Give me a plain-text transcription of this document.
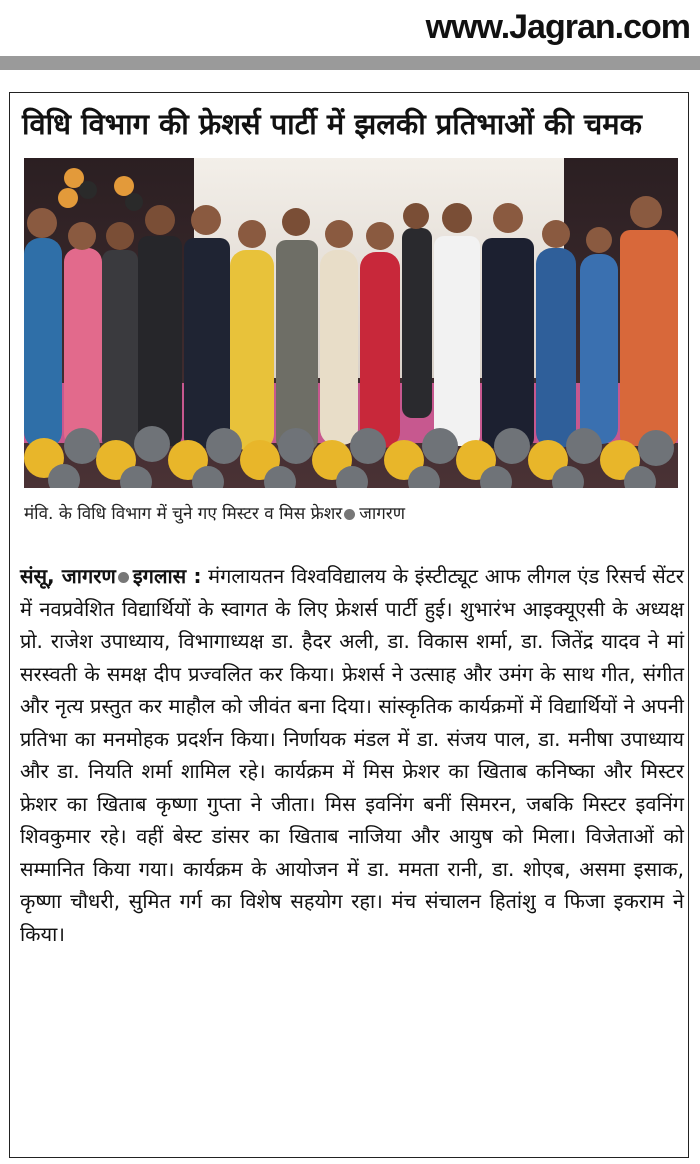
www.Jagran.com
विधि विभाग की फ्रेशर्स पार्टी में झलकी प्रतिभाओं की चमक
मंवि. के विधि विभाग में चुने गए मिस्टर व मिस फ्रेशर जागरण
संसू, जागरण इगलास : मंगलायतन विश्वविद्यालय के इंस्टीट्यूट आफ लीगल एंड रिसर्च सेंटर में नवप्रवेशित विद्यार्थियों के स्वागत के लिए फ्रेशर्स पार्टी हुई। शुभारंभ आइक्यूएसी के अध्यक्ष प्रो. राजेश उपाध्याय, विभागाध्यक्ष डा. हैदर अली, डा. विकास शर्मा, डा. जितेंद्र यादव ने मां सरस्वती के समक्ष दीप प्रज्वलित कर किया। फ्रेशर्स ने उत्साह और उमंग के साथ गीत, संगीत और नृत्य प्रस्तुत कर माहौल को जीवंत बना दिया। सांस्कृतिक कार्यक्रमों में विद्यार्थियों ने अपनी प्रतिभा का मनमोहक प्रदर्शन किया। निर्णायक मंडल में डा. संजय पाल, डा. मनीषा उपाध्याय और डा. नियति शर्मा शामिल रहे। कार्यक्रम में मिस फ्रेशर का खिताब कनिष्का और मिस्टर फ्रेशर का खिताब कृष्णा गुप्ता ने जीता। मिस इवनिंग बनीं सिमरन, जबकि मिस्टर इवनिंग शिवकुमार रहे। वहीं बेस्ट डांसर का खिताब नाजिया और आयुष को मिला। विजेताओं को सम्मानित किया गया। कार्यक्रम के आयोजन में डा. ममता रानी, डा. शोएब, असमा इसाक, कृष्णा चौधरी, सुमित गर्ग का विशेष सहयोग रहा। मंच संचालन हितांशु व फिजा इकराम ने किया।
